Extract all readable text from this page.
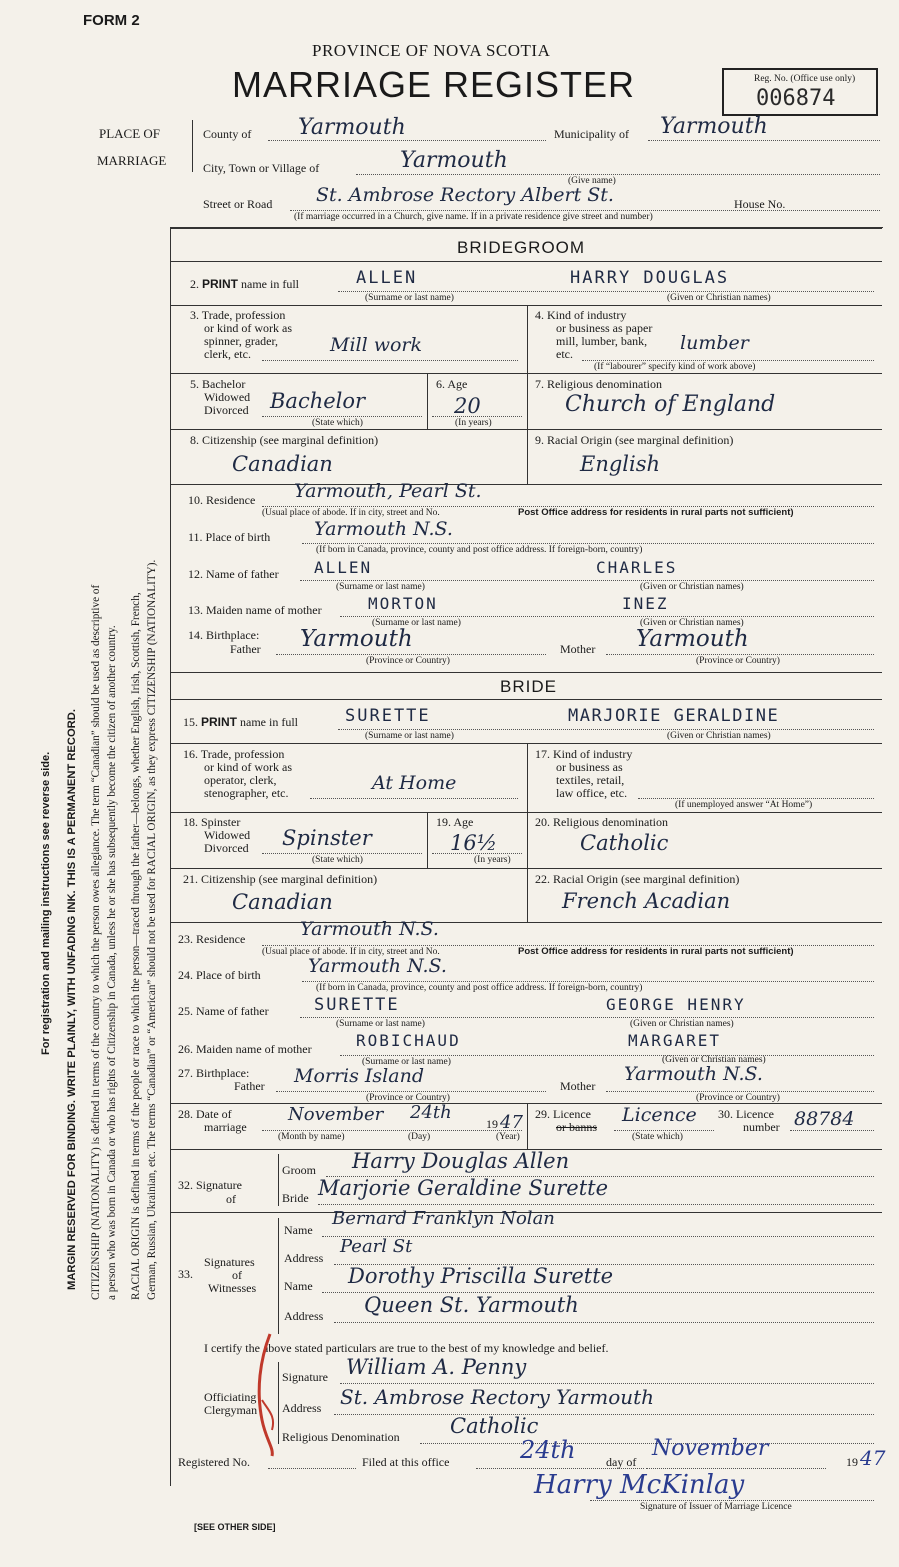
FORM 2
PROVINCE OF NOVA SCOTIA
MARRIAGE REGISTER	Reg. No. (Office use only)
006874
For registration and mailing instructions see reverse side. MARGIN RESERVED FOR BINDING. WRITE PLAINLY, WITH UNFADING INK. THIS IS A PERMANENT RECORD. CITIZENSHIP (NATIONALITY) is defined in terms of the country to which the person owes allegiance. The term “Canadian” should be used as descriptive of a person who was born in Canada or who has rights of Citizenship in Canada, unless he or she has subsequently become the citizen of another country. RACIAL ORIGIN is defined in terms of the people or race to which the person—traced through the father—belongs, whether English, Irish, Scottish, French, German, Russian, Ukrainian, etc. The terms “Canadian” or “American” should not be used for RACIAL ORIGIN, as they express CITIZENSHIP (NATIONALITY).
PLACE OF
MARRIAGE
County of Yarmouth	Municipality of Yarmouth
City, Town or Village of	Yarmouth
(Give name)
Street or Road St. Ambrose Rectory Albert St.	House No.
(If marriage occurred in a Church, give name. If in a private residence give street and number)
BRIDEGROOM
2. PRINT name in full	ALLEN	HARRY DOUGLAS
(Surname or last name)	(Given or Christian names)
3. Trade, profession
or kind of work as
spinner, grader,
clerk, etc.	Mill work
4. Kind of industry
or business as paper
mill, lumber, bank,
etc.	lumber
(If “labourer” specify kind of work above)
5. Bachelor
Widowed
Divorced Bachelor
(State which)
6. Age
20
(In years)
7. Religious denomination
Church of England
8. Citizenship (see marginal definition)
Canadian
9. Racial Origin (see marginal definition)
English
10. Residence Yarmouth, Pearl St.
(Usual place of abode. If in city, street and No.	Post Office address for residents in rural parts not sufficient)
11. Place of birth Yarmouth N.S.
(If born in Canada, province, county and post office address. If foreign-born, country)
12. Name of father ALLEN	CHARLES
(Surname or last name)	(Given or Christian names)
13. Maiden name of mother	MORTON	INEZ
(Surname or last name)	(Given or Christian names)
14. Birthplace:
Father Yarmouth	Mother Yarmouth
(Province or Country)	(Province or Country)
BRIDE
15. PRINT name in full	SURETTE	MARJORIE GERALDINE
(Surname or last name)	(Given or Christian names)
16. Trade, profession
or kind of work as
operator, clerk,
stenographer, etc.	At Home
17. Kind of industry
or business as
textiles, retail,
law office, etc.
(If unemployed answer “At Home”)
18. Spinster
Widowed
Divorced Spinster
(State which)
19. Age
16½
(In years)
20. Religious denomination
Catholic
21. Citizenship (see marginal definition)
Canadian
22. Racial Origin (see marginal definition)
French Acadian
23. Residence	Yarmouth N.S.
(Usual place of abode. If in city, street and No.	Post Office address for residents in rural parts not sufficient)
24. Place of birth Yarmouth N.S.
(If born in Canada, province, county and post office address. If foreign-born, country)
25. Name of father	SURETTE	GEORGE HENRY
(Surname or last name)	(Given or Christian names)
26. Maiden name of mother	ROBICHAUD	MARGARET
(Surname or last name)	(Given or Christian names)
27. Birthplace:
Father Morris Island	Mother
Yarmouth N.S.
(Province or Country)	(Province or Country)
28. Date of
marriage
November 24th
19 47
(Month by name)	(Day)	(Year)
29. Licence
or banns
Licence
(State which)
30. Licence
number 88784
32. Signature
of
Groom Harry Douglas Allen
Bride Marjorie Geraldine Surette
33.
Signatures
of
Witnesses
Name
Bernard Franklyn Nolan
Address
Pearl St
Name Dorothy Priscilla Surette
Address Queen St. Yarmouth
I certify the above stated particulars are true to the best of my knowledge and belief.
Officiating
Clergyman
Signature William A. Penny
Address St. Ambrose Rectory Yarmouth
Religious Denomination Catholic
Registered No.	Filed at this office	24th	day of
November
19 47
Harry McKinlay
Signature of Issuer of Marriage Licence
[SEE OTHER SIDE]
